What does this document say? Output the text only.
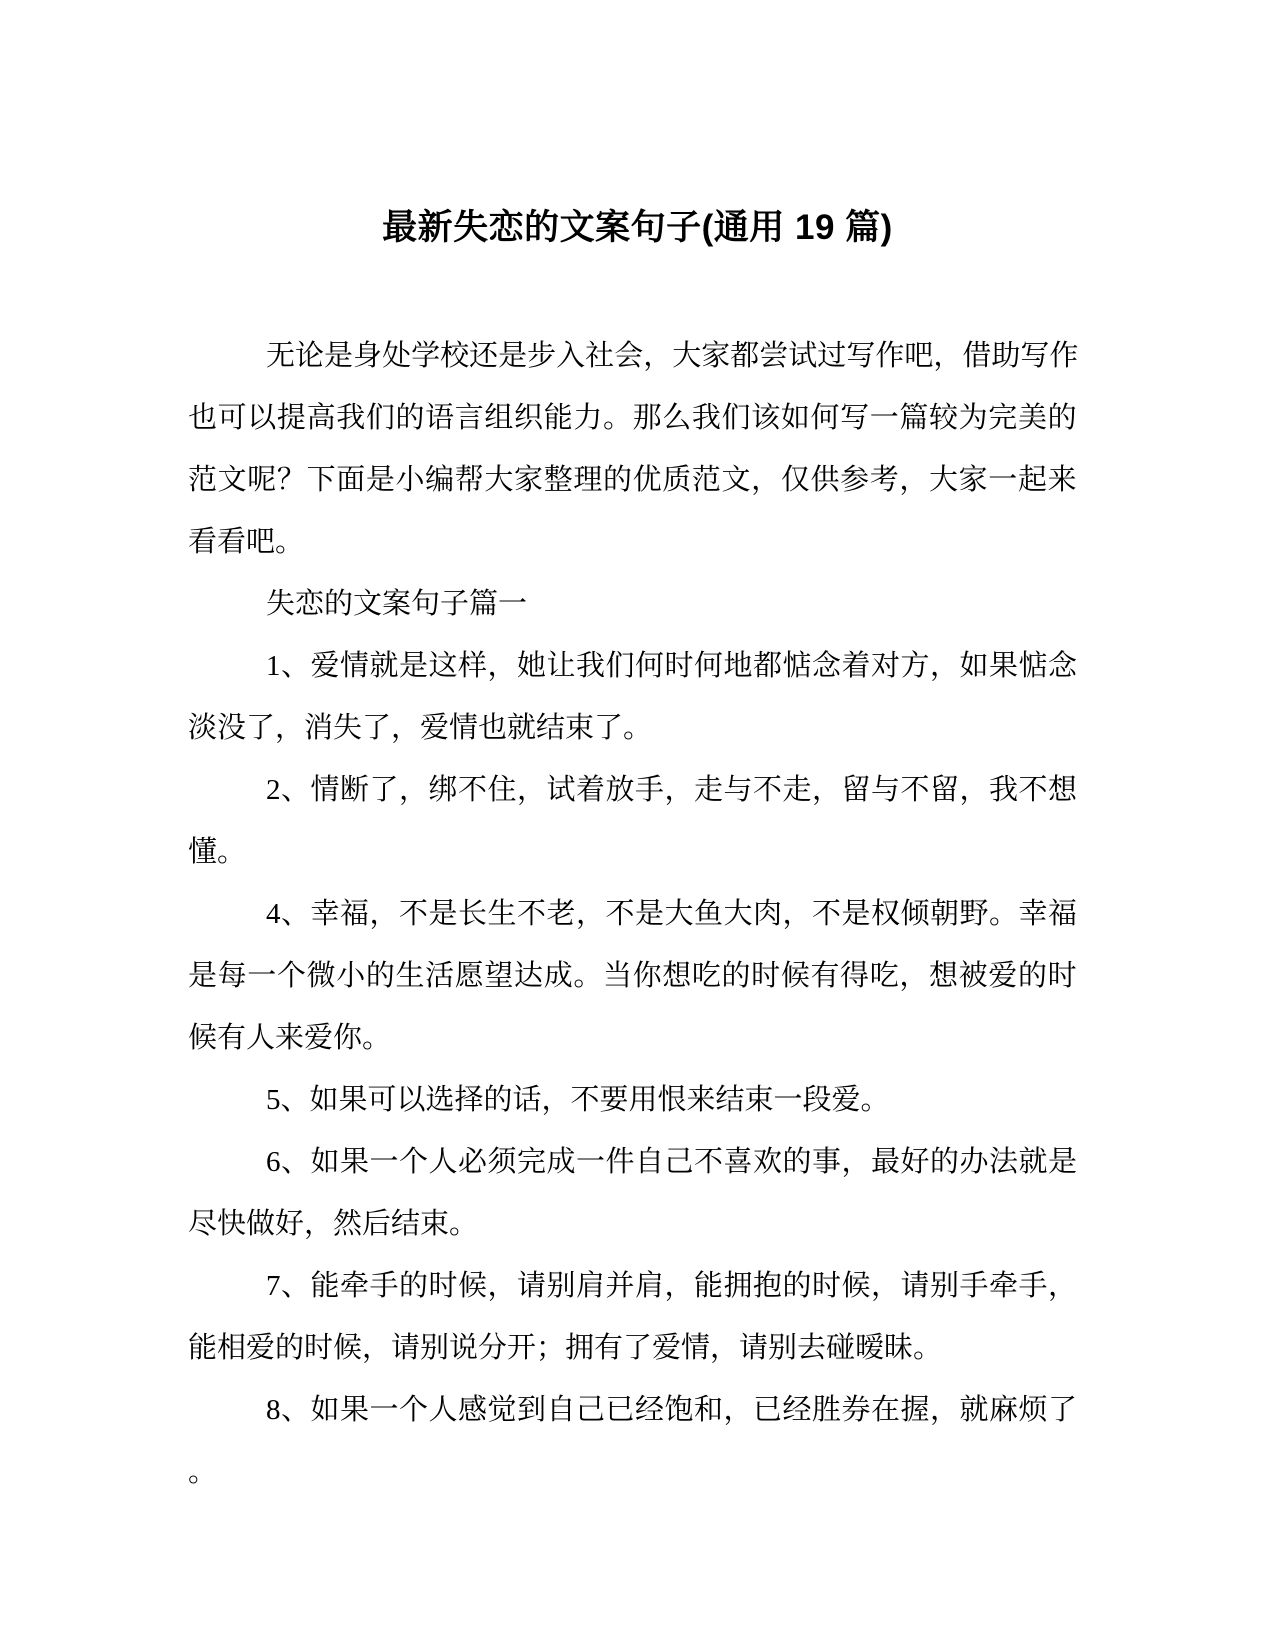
最新失恋的文案句子(通用 19 篇)
无 论 是 身 处 学 校 还 是 步 入 社 会 ， 大 家 都 尝 试 过 写 作 吧 ， 借 助 写 作
也 可 以 提 高 我 们 的 语 言 组 织 能 力 。 那 么 我 们 该 如 何 写 一 篇 较 为 完 美 的
范 文 呢 ？ 下 面 是 小 编 帮 大 家 整 理 的 优 质 范 文 ， 仅 供 参 考 ， 大 家 一 起 来
看看吧。
失恋的文案句子篇一
1 、 爱 情 就 是 这 样 ， 她 让 我 们 何 时 何 地 都 惦 念 着 对 方 ， 如 果 惦 念
淡没了，消失了，爱情也就结束了。
2 、 情 断 了 ， 绑 不 住 ， 试 着 放 手 ， 走 与 不 走 ， 留 与 不 留 ， 我 不 想
懂。
4 、 幸 福 ， 不 是 长 生 不 老 ， 不 是 大 鱼 大 肉 ， 不 是 权 倾 朝 野 。 幸 福
是 每 一 个 微 小 的 生 活 愿 望 达 成 。 当 你 想 吃 的 时 候 有 得 吃 ， 想 被 爱 的 时
候有人来爱你。
5、如果可以选择的话，不要用恨来结束一段爱。
6 、 如 果 一 个 人 必 须 完 成 一 件 自 己 不 喜 欢 的 事 ， 最 好 的 办 法 就 是
尽快做好，然后结束。
7 、 能 牵 手 的 时 候 ， 请 别 肩 并 肩 ， 能 拥 抱 的 时 候 ， 请 别 手 牵 手 ，
能相爱的时候，请别说分开；拥有了爱情，请别去碰暧昧。
8 、 如 果 一 个 人 感 觉 到 自 己 已 经 饱 和 ， 已 经 胜 券 在 握 ， 就 麻 烦 了
。
